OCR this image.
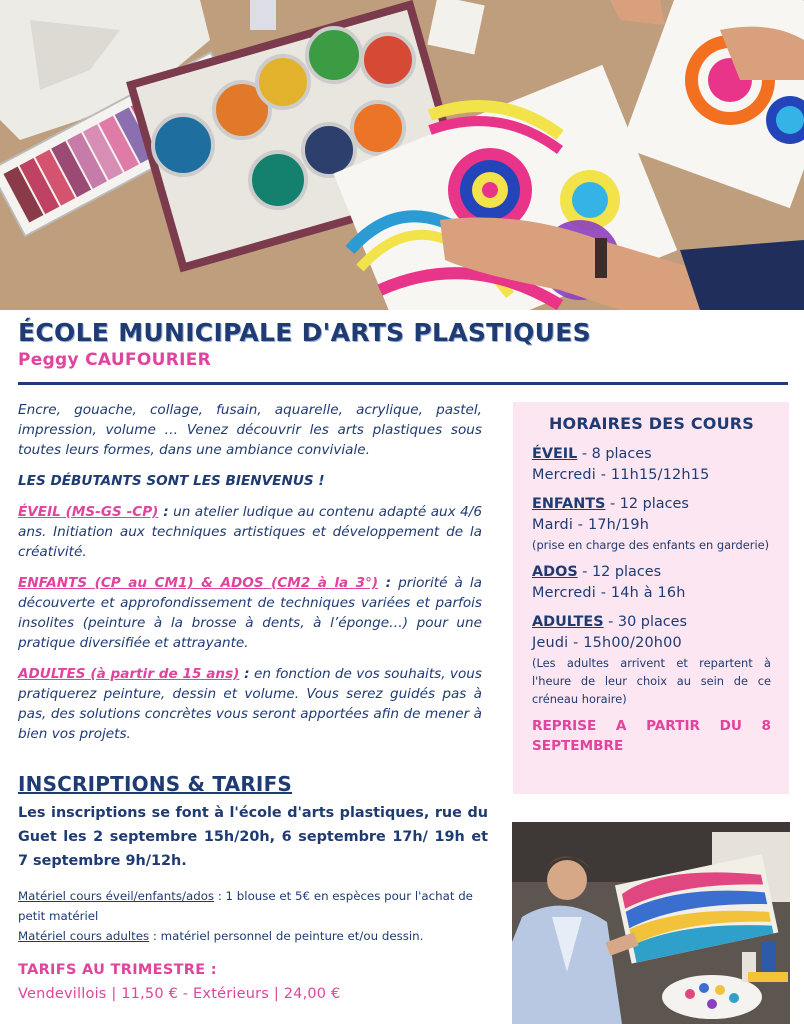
ÉCOLE MUNICIPALE D'ARTS PLASTIQUES
Peggy CAUFOURIER

Encre, gouache, collage, fusain, aquarelle, acrylique, pastel, impression, volume … Venez découvrir les arts plastiques sous toutes leurs formes, dans une ambiance conviviale.

LES DÉBUTANTS SONT LES BIENVENUS !

ÉVEIL (MS-GS -CP) : un atelier ludique au contenu adapté aux 4/6 ans. Initiation aux techniques artistiques et développement de la créativité.

ENFANTS (CP au CM1) & ADOS (CM2 à la 3°) : priorité à la découverte et approfondissement de techniques variées et parfois insolites (peinture à la brosse à dents, à l’éponge…) pour une pratique diversifiée et attrayante.

ADULTES (à partir de 15 ans) : en fonction de vos souhaits, vous pratiquerez peinture, dessin et volume. Vous serez guidés pas à pas, des solutions concrètes vous seront apportées afin de mener à bien vos projets.

INSCRIPTIONS & TARIFS
Les inscriptions se font à l'école d'arts plastiques, rue du Guet les 2 septembre 15h/20h, 6 septembre 17h/ 19h et 7 septembre 9h/12h.
Matériel cours éveil/enfants/ados : 1 blouse et 5€ en espèces pour l'achat de petit matériel
Matériel cours adultes : matériel personnel de peinture et/ou dessin.
TARIFS AU TRIMESTRE :
Vendevillois | 11,50 € - Extérieurs | 24,00 €
HORAIRES DES COURS
ÉVEIL - 8 places
Mercredi - 11h15/12h15
ENFANTS - 12 places
Mardi - 17h/19h
(prise en charge des enfants en garderie)
ADOS - 12 places
Mercredi - 14h à 16h
ADULTES - 30 places
Jeudi - 15h00/20h00
(Les adultes arrivent et repartent à l'heure de leur choix au sein de ce créneau horaire)
REPRISE A PARTIR DU 8 SEPTEMBRE
